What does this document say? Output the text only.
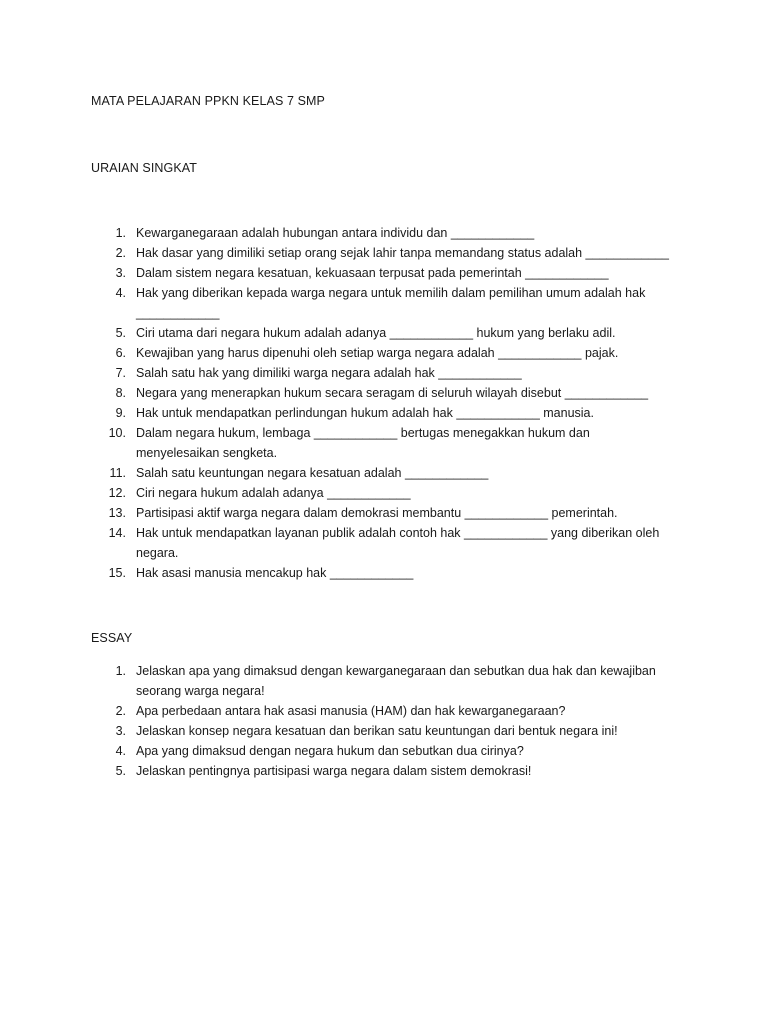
MATA PELAJARAN PPKN KELAS 7 SMP
URAIAN SINGKAT
1. Kewarganegaraan adalah hubungan antara individu dan ____________
2. Hak dasar yang dimiliki setiap orang sejak lahir tanpa memandang status adalah ____________
3. Dalam sistem negara kesatuan, kekuasaan terpusat pada pemerintah ____________
4. Hak yang diberikan kepada warga negara untuk memilih dalam pemilihan umum adalah hak ____________
5. Ciri utama dari negara hukum adalah adanya ____________ hukum yang berlaku adil.
6. Kewajiban yang harus dipenuhi oleh setiap warga negara adalah ____________ pajak.
7. Salah satu hak yang dimiliki warga negara adalah hak ____________
8. Negara yang menerapkan hukum secara seragam di seluruh wilayah disebut ____________
9. Hak untuk mendapatkan perlindungan hukum adalah hak ____________ manusia.
10. Dalam negara hukum, lembaga ____________ bertugas menegakkan hukum dan menyelesaikan sengketa.
11. Salah satu keuntungan negara kesatuan adalah ____________
12. Ciri negara hukum adalah adanya ____________
13. Partisipasi aktif warga negara dalam demokrasi membantu ____________ pemerintah.
14. Hak untuk mendapatkan layanan publik adalah contoh hak ____________ yang diberikan oleh negara.
15. Hak asasi manusia mencakup hak ____________
ESSAY
1. Jelaskan apa yang dimaksud dengan kewarganegaraan dan sebutkan dua hak dan kewajiban seorang warga negara!
2. Apa perbedaan antara hak asasi manusia (HAM) dan hak kewarganegaraan?
3. Jelaskan konsep negara kesatuan dan berikan satu keuntungan dari bentuk negara ini!
4. Apa yang dimaksud dengan negara hukum dan sebutkan dua cirinya?
5. Jelaskan pentingnya partisipasi warga negara dalam sistem demokrasi!
